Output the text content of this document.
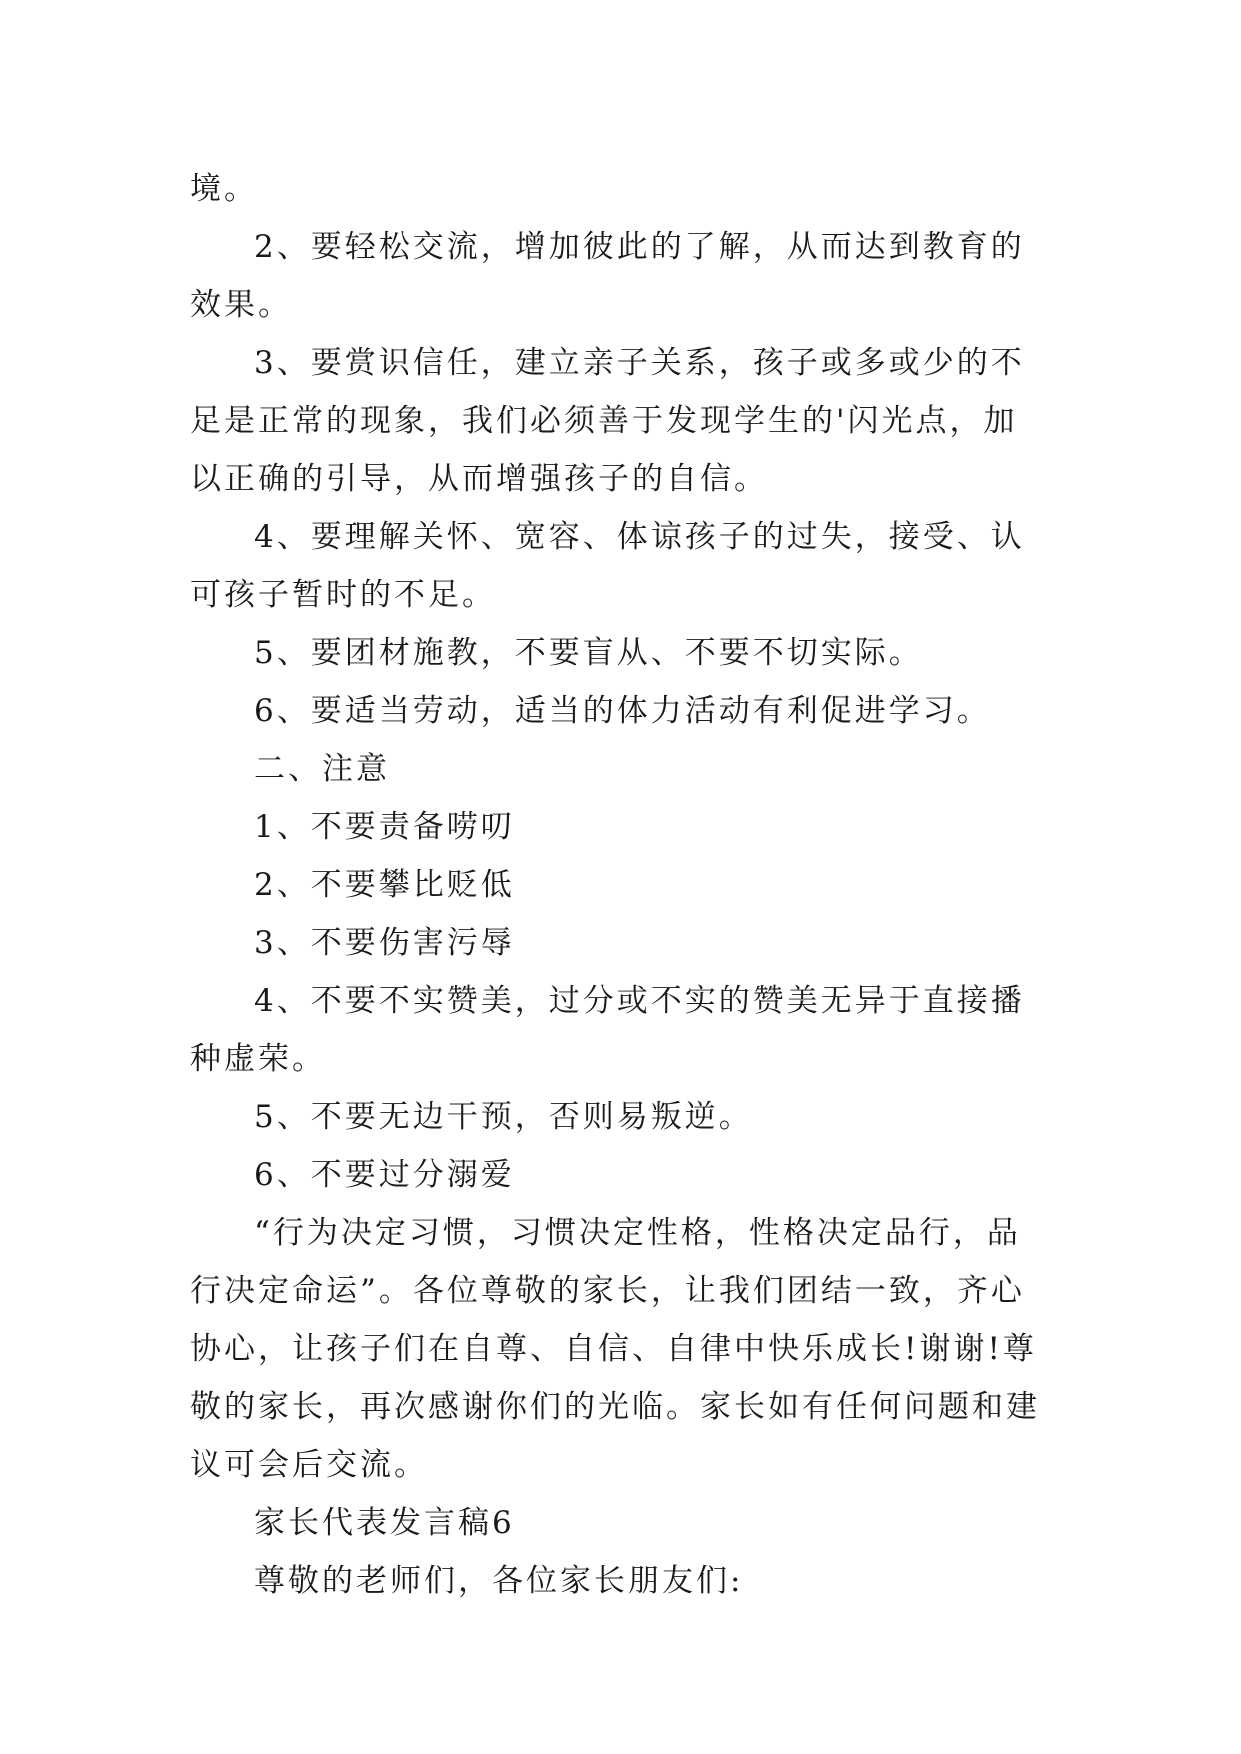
境。

2、要轻松交流，增加彼此的了解，从而达到教育的效果。

3、要赏识信任，建立亲子关系，孩子或多或少的不足是正常的现象，我们必须善于发现学生的'闪光点，加以正确的引导，从而增强孩子的自信。

4、要理解关怀、宽容、体谅孩子的过失，接受、认可孩子暂时的不足。

5、要团材施教，不要盲从、不要不切实际。

6、要适当劳动，适当的体力活动有利促进学习。

二、注意

1、不要责备唠叨

2、不要攀比贬低

3、不要伤害污辱

4、不要不实赞美，过分或不实的赞美无异于直接播种虚荣。

5、不要无边干预，否则易叛逆。

6、不要过分溺爱

“行为决定习惯，习惯决定性格，性格决定品行，品行决定命运”。各位尊敬的家长，让我们团结一致，齐心协心，让孩子们在自尊、自信、自律中快乐成长!谢谢!尊敬的家长，再次感谢你们的光临。家长如有任何问题和建议可会后交流。

家长代表发言稿6

尊敬的老师们，各位家长朋友们:
